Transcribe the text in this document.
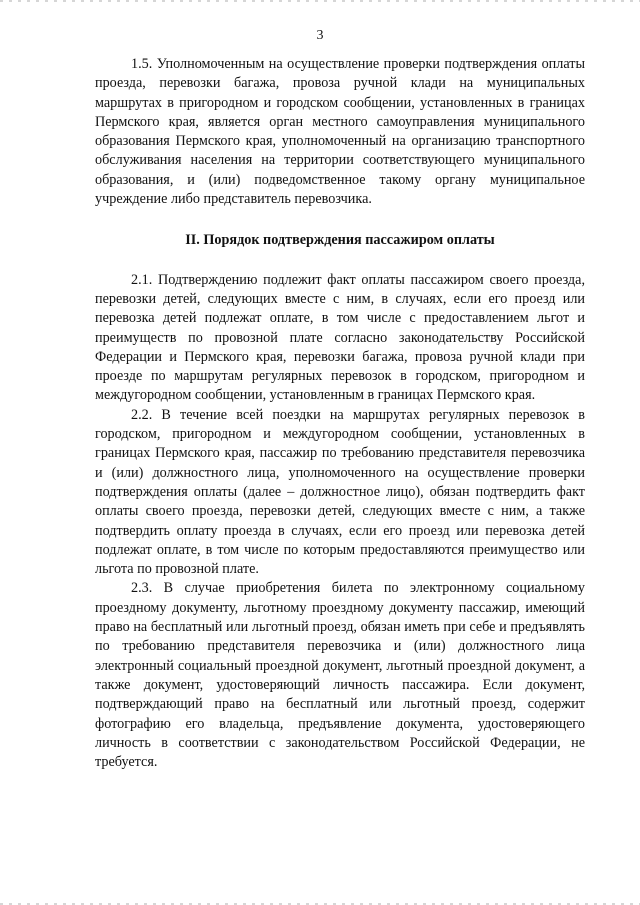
3

1.5. Уполномоченным на осуществление проверки подтверждения оплаты проезда, перевозки багажа, провоза ручной клади на муниципальных маршрутах в пригородном и городском сообщении, установленных в границах Пермского края, является орган местного самоуправления муниципального образования Пермского края, уполномоченный на организацию транспортного обслуживания населения на территории соответствующего муниципального образования, и (или) подведомственное такому органу муниципальное учреждение либо представитель перевозчика.

II. Порядок подтверждения пассажиром оплаты

2.1. Подтверждению подлежит факт оплаты пассажиром своего проезда, перевозки детей, следующих вместе с ним, в случаях, если его проезд или перевозка детей подлежат оплате, в том числе с предоставлением льгот и преимуществ по провозной плате согласно законодательству Российской Федерации и Пермского края, перевозки багажа, провоза ручной клади при проезде по маршрутам регулярных перевозок в городском, пригородном и междугородном сообщении, установленным в границах Пермского края.

2.2. В течение всей поездки на маршрутах регулярных перевозок в городском, пригородном и междугородном сообщении, установленных в границах Пермского края, пассажир по требованию представителя перевозчика и (или) должностного лица, уполномоченного на осуществление проверки подтверждения оплаты (далее – должностное лицо), обязан подтвердить факт оплаты своего проезда, перевозки детей, следующих вместе с ним, а также подтвердить оплату проезда в случаях, если его проезд или перевозка детей подлежат оплате, в том числе по которым предоставляются преимущество или льгота по провозной плате.

2.3. В случае приобретения билета по электронному социальному проездному документу, льготному проездному документу пассажир, имеющий право на бесплатный или льготный проезд, обязан иметь при себе и предъявлять по требованию представителя перевозчика и (или) должностного лица электронный социальный проездной документ, льготный проездной документ, а также документ, удостоверяющий личность пассажира. Если документ, подтверждающий право на бесплатный или льготный проезд, содержит фотографию его владельца, предъявление документа, удостоверяющего личность в соответствии с законодательством Российской Федерации, не требуется.
